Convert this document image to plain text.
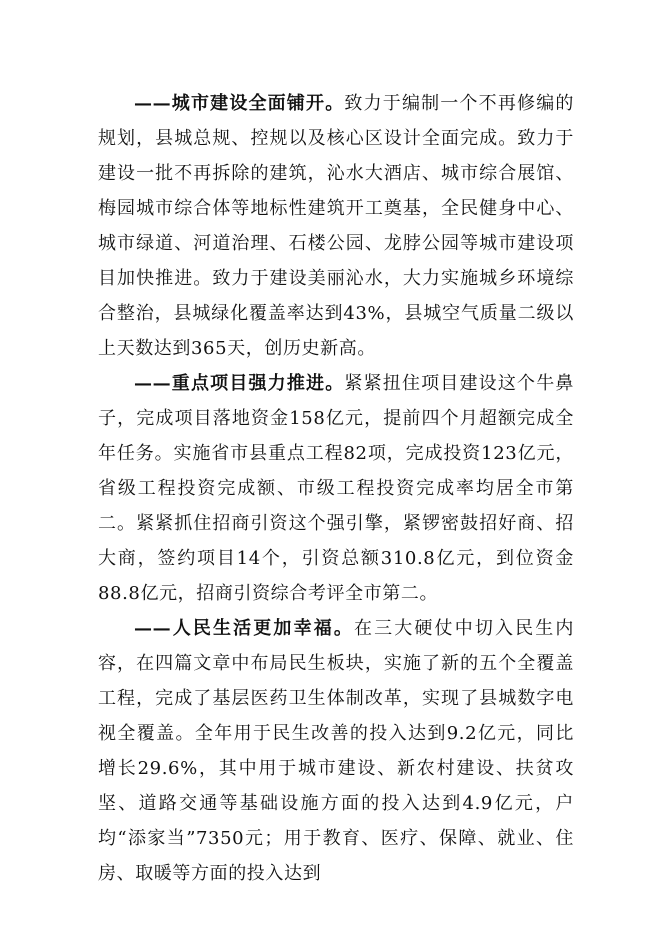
——城市建设全面铺开。致力于编制一个不再修编的规划，县城总规、控规以及核心区设计全面完成。致力于建设一批不再拆除的建筑，沁水大酒店、城市综合展馆、梅园城市综合体等地标性建筑开工奠基，全民健身中心、城市绿道、河道治理、石楼公园、龙脖公园等城市建设项目加快推进。致力于建设美丽沁水，大力实施城乡环境综合整治，县城绿化覆盖率达到43%，县城空气质量二级以上天数达到365天，创历史新高。

——重点项目强力推进。紧紧扭住项目建设这个牛鼻子，完成项目落地资金158亿元，提前四个月超额完成全年任务。实施省市县重点工程82项，完成投资123亿元，省级工程投资完成额、市级工程投资完成率均居全市第二。紧紧抓住招商引资这个强引擎，紧锣密鼓招好商、招大商，签约项目14个，引资总额310.8亿元，到位资金88.8亿元，招商引资综合考评全市第二。

——人民生活更加幸福。在三大硬仗中切入民生内容，在四篇文章中布局民生板块，实施了新的五个全覆盖工程，完成了基层医药卫生体制改革，实现了县城数字电视全覆盖。全年用于民生改善的投入达到9.2亿元，同比增长29.6%，其中用于城市建设、新农村建设、扶贫攻坚、道路交通等基础设施方面的投入达到4.9亿元，户均“添家当”7350元；用于教育、医疗、保障、就业、住房、取暖等方面的投入达到
